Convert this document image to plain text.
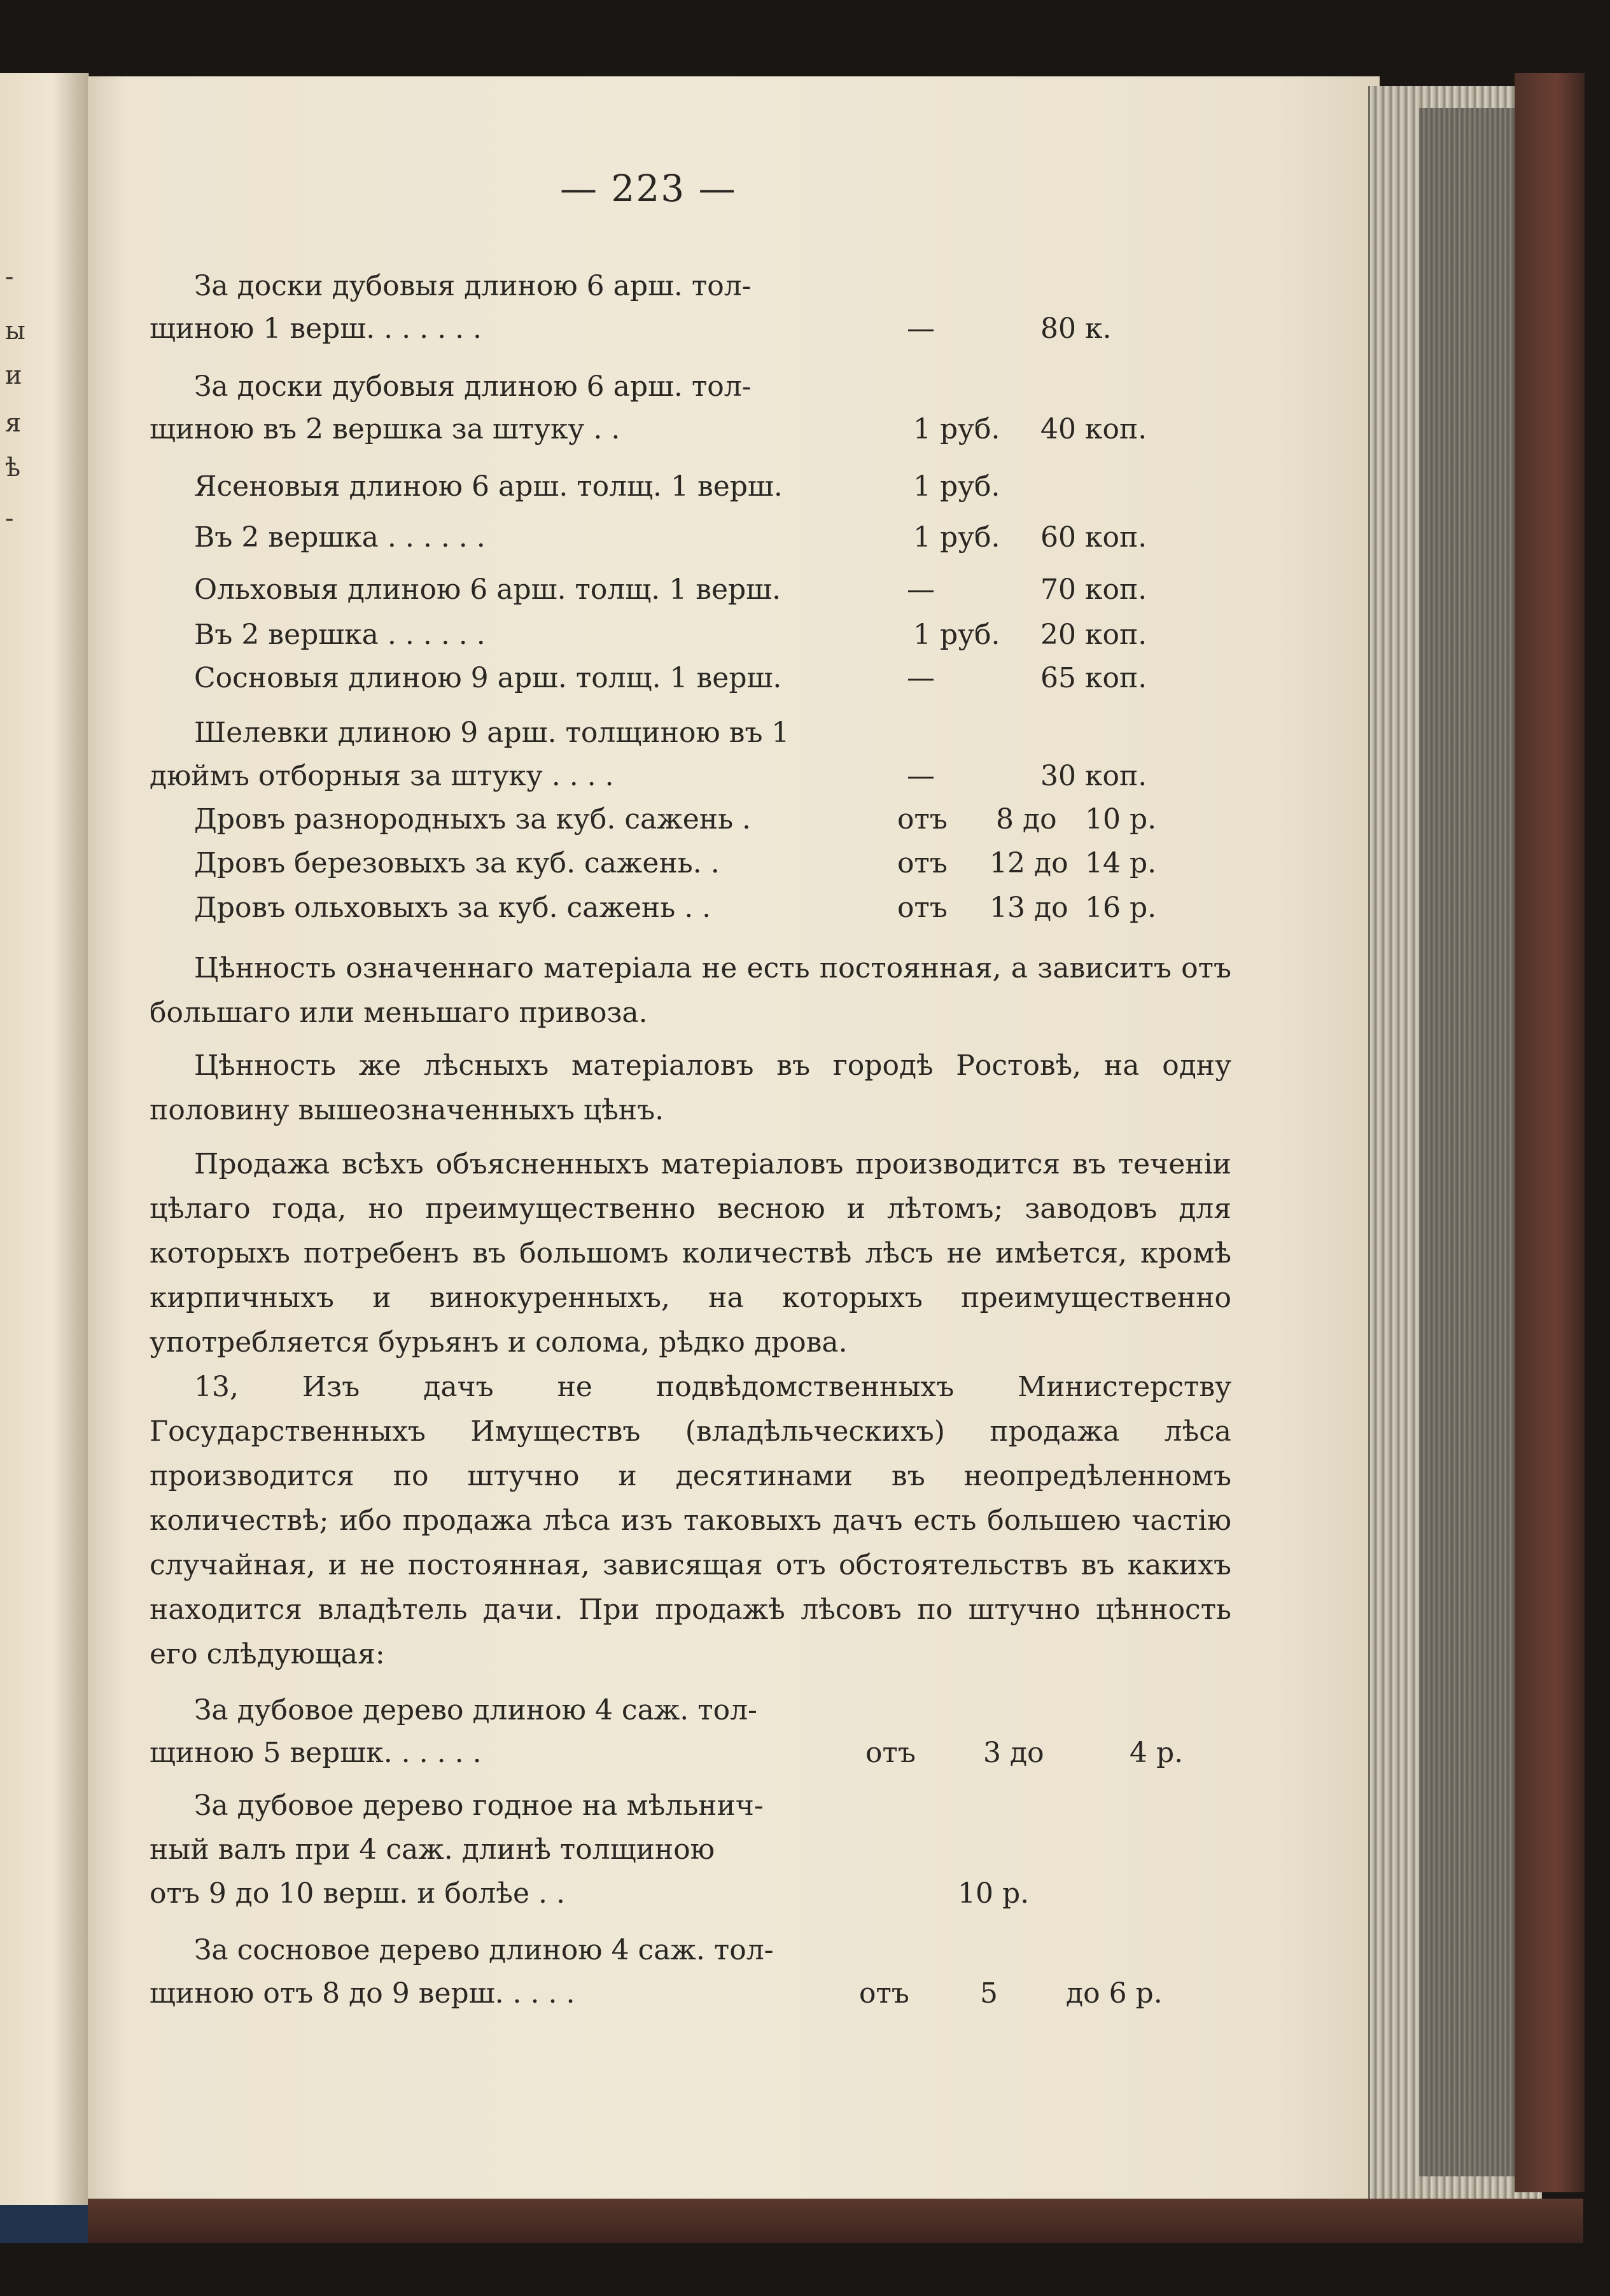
-
ы
и
я
ѣ
-
— 223 —
За доски дубовыя длиною 6 арш. тол-
щиною 1 верш. . . . . . .	—	80 к.
За доски дубовыя длиною 6 арш. тол-
щиною въ 2 вершка за штуку . .	1 руб. 40 коп.
Ясеновыя длиною 6 арш. толщ. 1 верш.	1 руб.
Въ 2 вершка . . . . . .	1 руб. 60 коп.
Ольховыя длиною 6 арш. толщ. 1 верш.	—	70 коп.
Въ 2 вершка . . . . . .	1 руб. 20 коп.
Сосновыя длиною 9 арш. толщ. 1 верш.	—	65 коп.
Шелевки длиною 9 арш. толщиною въ 1
дюймъ отборныя за штуку . . . .	—	30 коп.
Дровъ разнородныхъ за куб. сажень .	отъ 8 до 10 р.
Дровъ березовыхъ за куб. сажень. .	отъ 12 до 14 р.
Дровъ ольховыхъ за куб. сажень . .	отъ 13 до 16 р.
Цѣнность означеннаго матеріала не есть постоянная, а зависитъ отъ большаго или меньшаго привоза.
Цѣнность же лѣсныхъ матеріаловъ въ городѣ Ростовѣ, на одну половину вышеозначенныхъ цѣнъ.
Продажа всѣхъ объясненныхъ матеріаловъ производится въ теченіи цѣлаго года, но преимущественно весною и лѣтомъ; заводовъ для которыхъ потребенъ въ большомъ количествѣ лѣсъ не имѣется, кромѣ кирпичныхъ и винокуренныхъ, на которыхъ преимущественно употребляется бурьянъ и солома, рѣдко дрова.
13, Изъ дачъ не подвѣдомственныхъ Министерству Государственныхъ Имуществъ (владѣльческихъ) продажа лѣса производится по штучно и десятинами въ неопредѣленномъ количествѣ; ибо продажа лѣса изъ таковыхъ дачъ есть большею частію случайная, и не постоянная, зависящая отъ обстоятельствъ въ какихъ находится владѣтель дачи. При продажѣ лѣсовъ по штучно цѣнность его слѣдующая:
За дубовое дерево длиною 4 саж. тол-
щиною 5 вершк. . . . . .	отъ 3 до	4 р.
За дубовое дерево годное на мѣльнич-
ный валъ при 4 саж. длинѣ толщиною
отъ 9 до 10 верш. и болѣе . .	10 р.
За сосновое дерево длиною 4 саж. тол-
щиною отъ 8 до 9 верш. . . . .	отъ	5 до 6 р.
